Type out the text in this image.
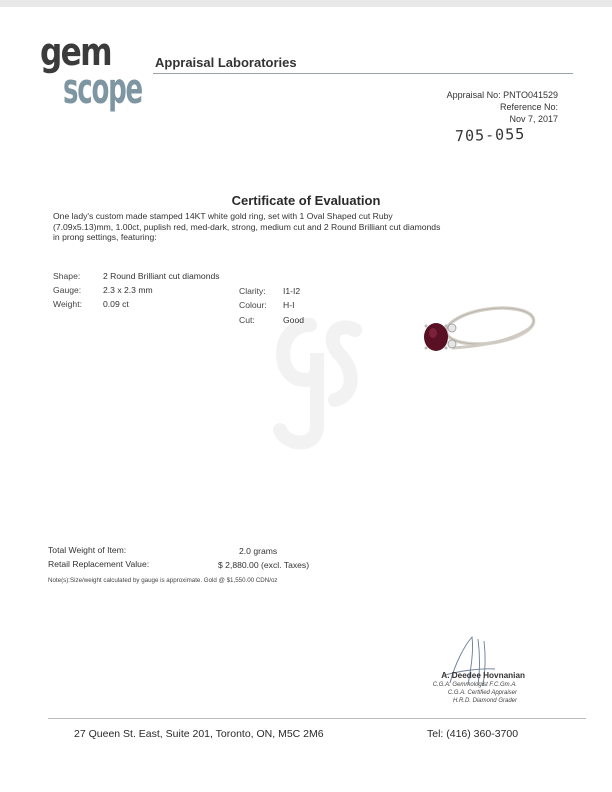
gem
scope
Appraisal Laboratories
Appraisal No: PNTO041529
Reference No:
Nov 7, 2017
705-055
Certificate of Evaluation
One lady's custom made stamped 14KT white gold ring, set with 1 Oval Shaped cut Ruby
(7.09x5.13)mm, 1.00ct, puplish red, med-dark, strong, medium cut and 2 Round Brilliant cut diamonds
in prong settings, featuring:
Shape:	2 Round Brilliant cut diamonds
Gauge:	2.3 x 2.3 mm
Weight: 0.09 ct
Clarity: I1-I2
Colour: H-I
Cut:	Good
Total Weight of Item:	2.0 grams
Retail Replacement Value:	$ 2,880.00 (excl. Taxes)
Note(s):Size/weight calculated by gauge is approximate. Gold @ $1,550.00 CDN/oz
A. Deedee Hovnanian
C.G.A. Gemmologist F.C.Gm.A.
C.G.A. Certified Appraiser
H.R.D. Diamond Grader
27 Queen St. East, Suite 201, Toronto, ON, M5C 2M6	Tel: (416) 360-3700
